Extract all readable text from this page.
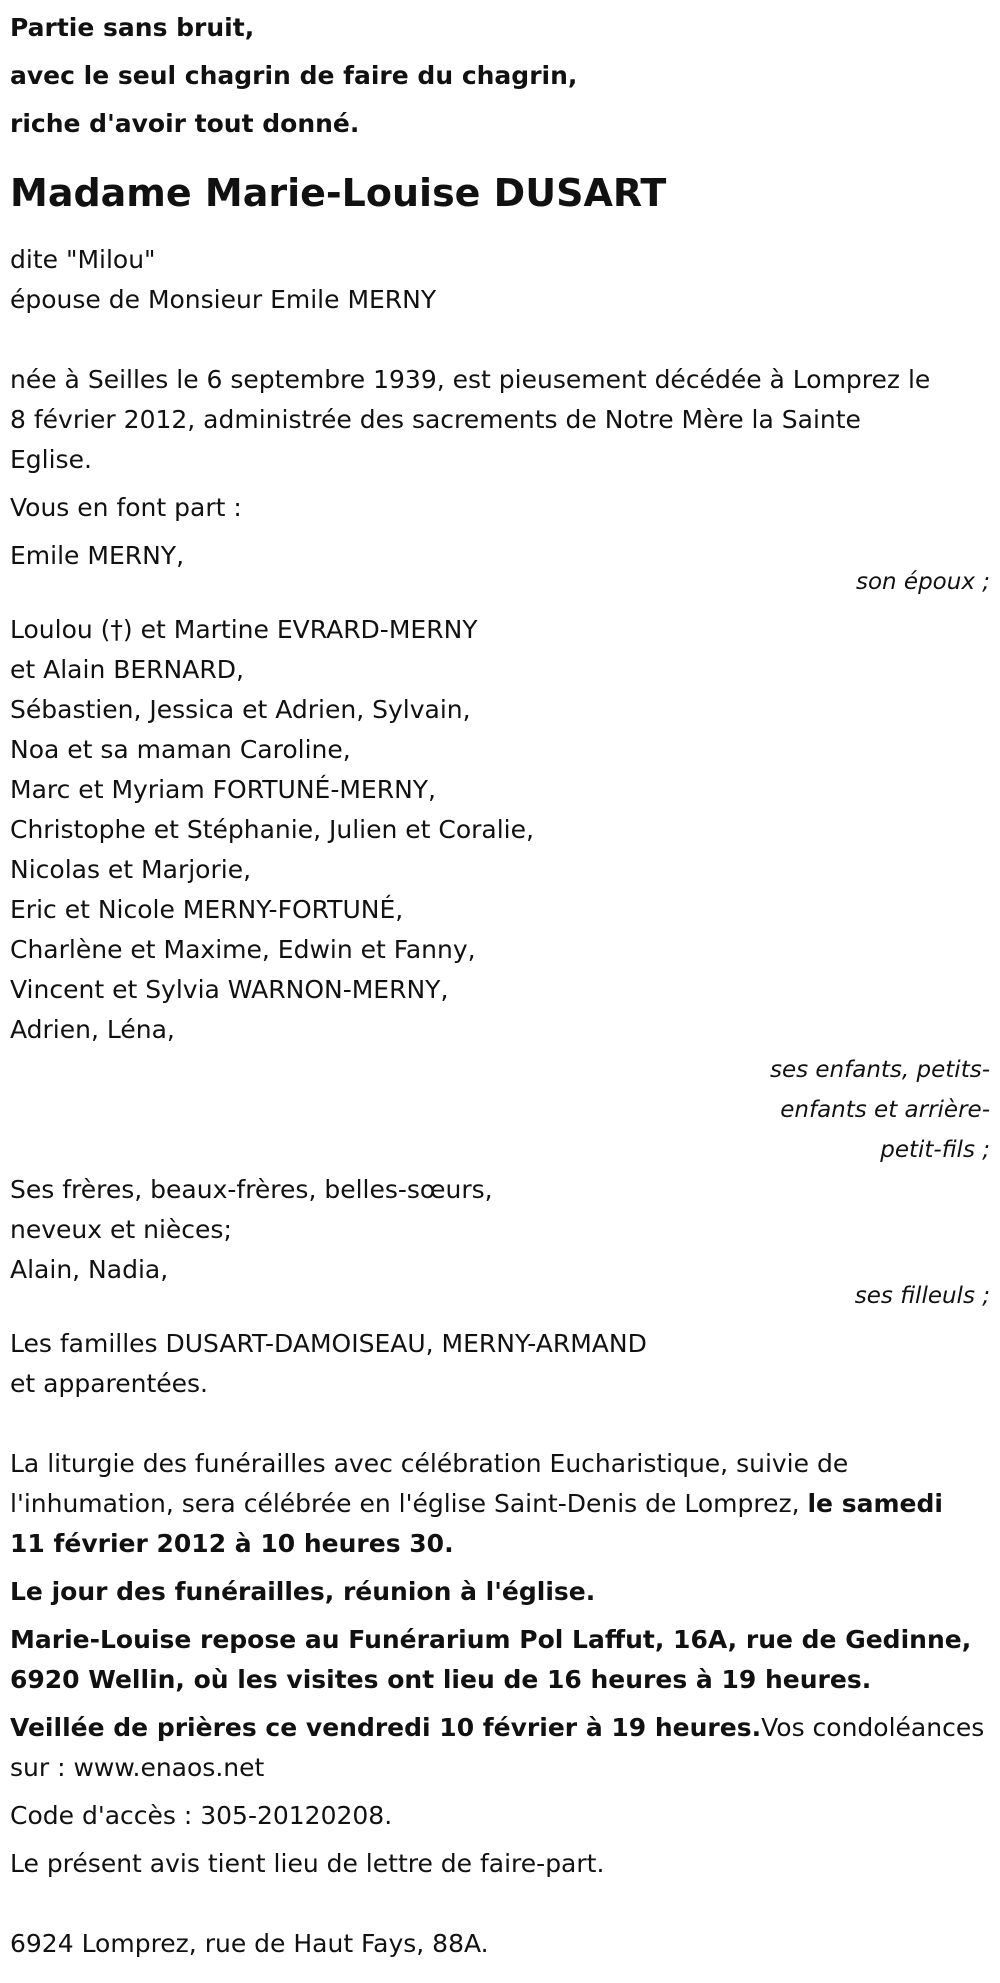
Partie sans bruit,

avec le seul chagrin de faire du chagrin,

riche d'avoir tout donné.

Madame Marie-Louise DUSART

dite "Milou"

épouse de Monsieur Emile MERNY

née à Seilles le 6 septembre 1939, est pieusement décédée à Lomprez le

8 février 2012, administrée des sacrements de Notre Mère la Sainte

Eglise.

Vous en font part :

Emile MERNY,

son époux ;

Loulou (†) et Martine EVRARD-MERNY

et Alain BERNARD,

Sébastien, Jessica et Adrien, Sylvain,

Noa et sa maman Caroline,

Marc et Myriam FORTUNÉ-MERNY,

Christophe et Stéphanie, Julien et Coralie,

Nicolas et Marjorie,

Eric et Nicole MERNY-FORTUNÉ,

Charlène et Maxime, Edwin et Fanny,

Vincent et Sylvia WARNON-MERNY,

Adrien, Léna,

ses enfants, petits-

enfants et arrière-

petit-fils ;

Ses frères, beaux-frères, belles-sœurs,

neveux et nièces;

Alain, Nadia,

ses filleuls ;

Les familles DUSART-DAMOISEAU, MERNY-ARMAND

et apparentées.

La liturgie des funérailles avec célébration Eucharistique, suivie de

l'inhumation, sera célébrée en l'église Saint-Denis de Lomprez, le samedi

11 février 2012 à 10 heures 30.

Le jour des funérailles, réunion à l'église.

Marie-Louise repose au Funérarium Pol Laffut, 16A, rue de Gedinne,

6920 Wellin, où les visites ont lieu de 16 heures à 19 heures.

Veillée de prières ce vendredi 10 février à 19 heures.Vos condoléances

sur : www.enaos.net

Code d'accès : 305-20120208.

Le présent avis tient lieu de lettre de faire-part.

6924 Lomprez, rue de Haut Fays, 88A.
